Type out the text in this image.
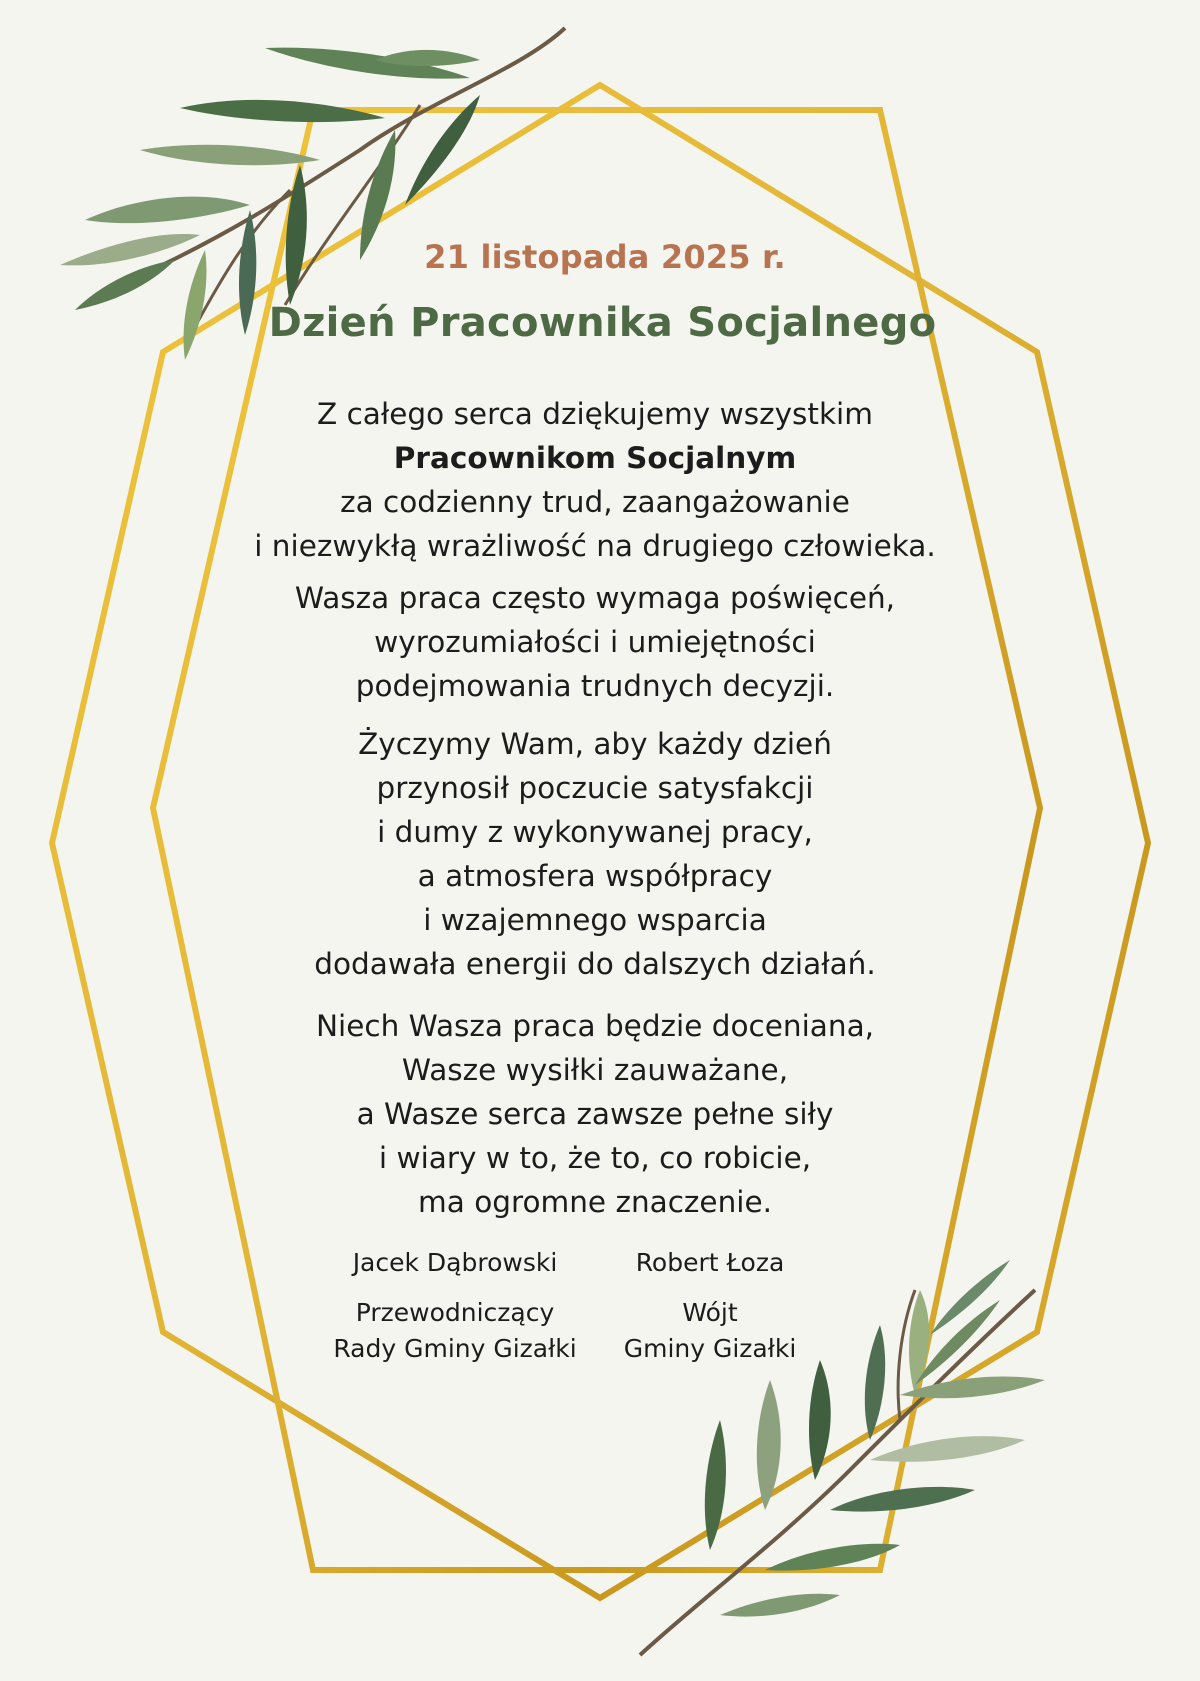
21 listopada 2025 r.
Dzień Pracownika Socjalnego
Z całego serca dziękujemy wszystkim
Pracownikom Socjalnym
za codzienny trud, zaangażowanie
i niezwykłą wrażliwość na drugiego człowieka.
Wasza praca często wymaga poświęceń,
wyrozumiałości i umiejętności
podejmowania trudnych decyzji.
Życzymy Wam, aby każdy dzień
przynosił poczucie satysfakcji
i dumy z wykonywanej pracy,
a atmosfera współpracy
i wzajemnego wsparcia
dodawała energii do dalszych działań.
Niech Wasza praca będzie doceniana,
Wasze wysiłki zauważane,
a Wasze serca zawsze pełne siły
i wiary w to, że to, co robicie,
ma ogromne znaczenie.
Jacek Dąbrowski
Przewodniczący
Rady Gminy Gizałki
Robert Łoza
Wójt
Gminy Gizałki
